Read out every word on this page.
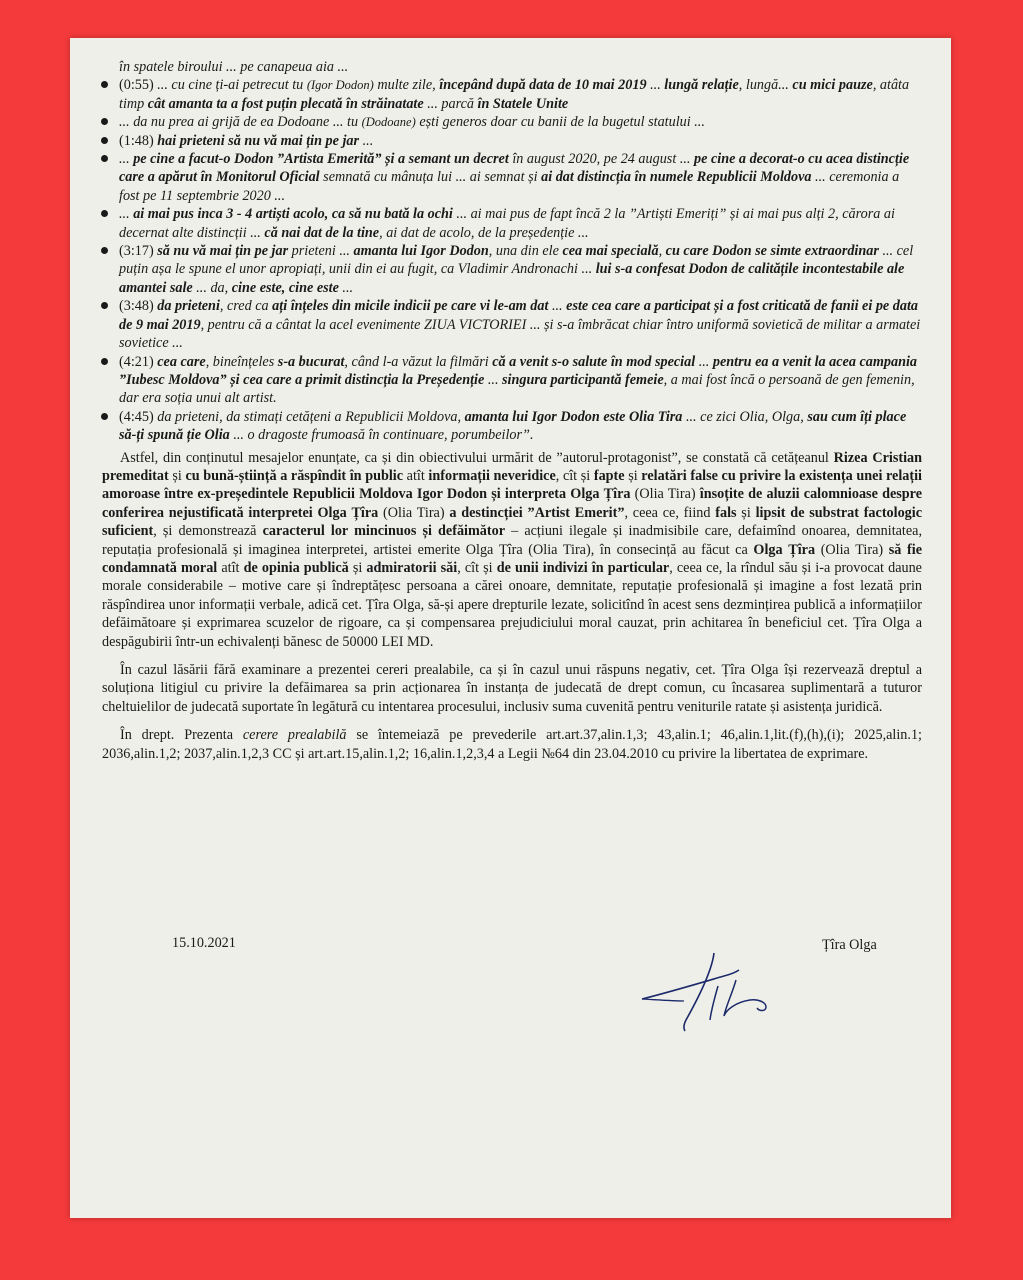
în spatele biroului ... pe canapeua aia ...

(0:55) ... cu cine ți-ai petrecut tu (Igor Dodon) multe zile, începând după data de 10 mai 2019 ... lungă relație, lungă... cu mici pauze, atâta timp cât amanta ta a fost puțin plecată în străinatate ... parcă în Statele Unite
... da nu prea ai grijă de ea Dodoane ... tu (Dodoane) ești generos doar cu banii de la bugetul statului ...
(1:48) hai prieteni să nu vă mai țin pe jar ...
... pe cine a facut-o Dodon ”Artista Emerită” și a semant un decret în august 2020, pe 24 august ... pe cine a decorat-o cu acea distincție care a apărut în Monitorul Oficial semnată cu mânuța lui ... ai semnat și ai dat distincția în numele Republicii Moldova ... ceremonia a fost pe 11 septembrie 2020 ...
... ai mai pus inca 3 - 4 artiști acolo, ca să nu bată la ochi ... ai mai pus de fapt încă 2 la ”Artiști Emeriți” și ai mai pus alți 2, cărora ai decernat alte distincții ... că nai dat de la tine, ai dat de acolo, de la președenție ...
(3:17) să nu vă mai țin pe jar prieteni ... amanta lui Igor Dodon, una din ele cea mai specială, cu care Dodon se simte extraordinar ... cel puțin așa le spune el unor apropiați, unii din ei au fugit, ca Vladimir Andronachi ... lui s-a confesat Dodon de calitățile incontestabile ale amantei sale ... da, cine este, cine este ...
(3:48) da prieteni, cred ca ați înțeles din micile indicii pe care vi le-am dat ... este cea care a participat și a fost criticată de fanii ei pe data de 9 mai 2019, pentru că a cântat la acel evenimente ZIUA VICTORIEI ... și s-a îmbrăcat chiar întro uniformă sovietică de militar a armatei sovietice ...
(4:21) cea care, bineînțeles s-a bucurat, când l-a văzut la filmări că a venit s-o salute în mod special ... pentru ea a venit la acea campania ”Iubesc Moldova” și cea care a primit distincția la Președenție ... singura participantă femeie, a mai fost încă o persoană de gen femenin, dar era soția unui alt artist.
(4:45) da prieteni, da stimați cetățeni a Republicii Moldova, amanta lui Igor Dodon este Olia Tira ... ce zici Olia, Olga, sau cum îți place să-ți spună ție Olia ... o dragoste frumoasă în continuare, porumbeilor”.

Astfel, din conținutul mesajelor enunțate, ca și din obiectivului urmărit de ”autorul-protagonist”, se constată că cetățeanul Rizea Cristian premeditat și cu bună-știință a răspîndit în public atît informații neveridice, cît și fapte și relatări false cu privire la existența unei relații amoroase între ex-președintele Republicii Moldova Igor Dodon și interpreta Olga Țîra (Olia Tira) însoțite de aluzii calomnioase despre conferirea nejustificată interpretei Olga Țîra (Olia Tira) a destincției ”Artist Emerit”, ceea ce, fiind fals și lipsit de substrat factologic suficient, și demonstrează caracterul lor mincinuos și defăimător – acțiuni ilegale și inadmisibile care, defaimînd onoarea, demnitatea, reputația profesională și imaginea interpretei, artistei emerite Olga Țîra (Olia Tira), în consecință au făcut ca Olga Țîra (Olia Tira) să fie condamnată moral atît de opinia publică și admiratorii săi, cît și de unii indivizi în particular, ceea ce, la rîndul său și i-a provocat daune morale considerabile – motive care și îndreptățesc persoana a cărei onoare, demnitate, reputație profesională și imagine a fost lezată prin răspîndirea unor informații verbale, adică cet. Țîra Olga, să-și apere drepturile lezate, solicitînd în acest sens dezmințirea publică a informațiilor defăimătoare și exprimarea scuzelor de rigoare, ca și compensarea prejudiciului moral cauzat, prin achitarea în beneficiul cet. Țîra Olga a despăgubirii într-un echivalenți bănesc de 50000 LEI MD.

În cazul lăsării fără examinare a prezentei cereri prealabile, ca și în cazul unui răspuns negativ, cet. Țîra Olga își rezervează dreptul a soluționa litigiul cu privire la defăimarea sa prin acționarea în instanța de judecată de drept comun, cu încasarea suplimentară a tuturor cheltuielilor de judecată suportate în legătură cu intentarea procesului, inclusiv suma cuvenită pentru veniturile ratate și asistența juridică.

În drept. Prezenta cerere prealabilă se întemeiază pe prevederile art.art.37,alin.1,3; 43,alin.1; 46,alin.1,lit.(f),(h),(i); 2025,alin.1; 2036,alin.1,2; 2037,alin.1,2,3 CC și art.art.15,alin.1,2; 16,alin.1,2,3,4 a Legii №64 din 23.04.2010 cu privire la libertatea de exprimare.

15.10.2021	Țîra Olga
